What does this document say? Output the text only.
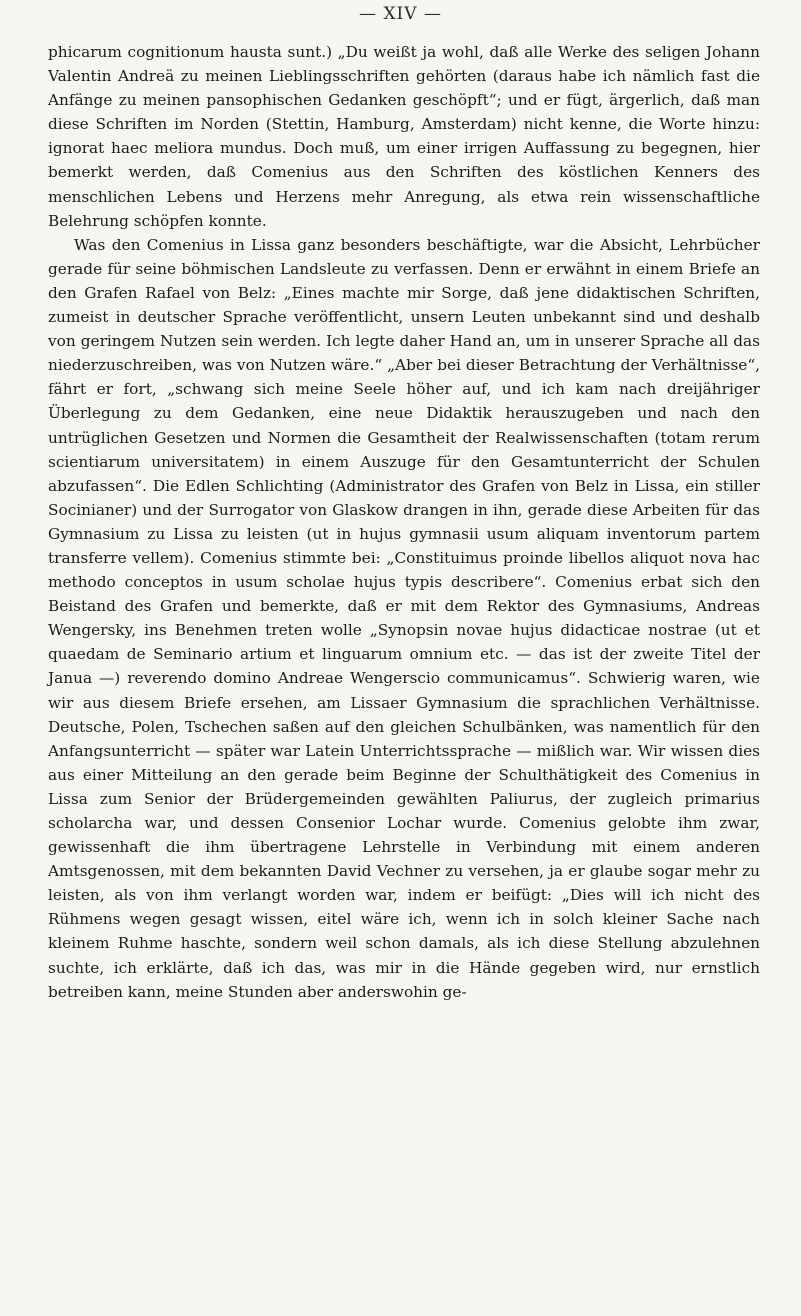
— XIV —

phicarum cognitionum hausta sunt.) „Du weißt ja wohl, daß alle Werke des seligen Johann Valentin Andreä zu meinen Lieblingsschriften gehörten (daraus habe ich nämlich fast die Anfänge zu meinen pansophischen Gedanken geschöpft“; und er fügt, ärgerlich, daß man diese Schriften im Norden (Stettin, Hamburg, Amsterdam) nicht kenne, die Worte hinzu: ignorat haec meliora mundus. Doch muß, um einer irrigen Auffassung zu begegnen, hier bemerkt werden, daß Comenius aus den Schriften des köstlichen Kenners des menschlichen Lebens und Herzens mehr Anregung, als etwa rein wissenschaftliche Belehrung schöpfen konnte.

Was den Comenius in Lissa ganz besonders beschäftigte, war die Absicht, Lehrbücher gerade für seine böhmischen Landsleute zu verfassen. Denn er erwähnt in einem Briefe an den Grafen Rafael von Belz: „Eines machte mir Sorge, daß jene didaktischen Schriften, zumeist in deutscher Sprache veröffentlicht, unsern Leuten unbekannt sind und deshalb von geringem Nutzen sein werden. Ich legte daher Hand an, um in unserer Sprache all das niederzuschreiben, was von Nutzen wäre.“ „Aber bei dieser Betrachtung der Verhältnisse“, fährt er fort, „schwang sich meine Seele höher auf, und ich kam nach dreijähriger Überlegung zu dem Gedanken, eine neue Didaktik herauszugeben und nach den untrüglichen Gesetzen und Normen die Gesamtheit der Realwissenschaften (totam rerum scientiarum universitatem) in einem Auszuge für den Gesamtunterricht der Schulen abzufassen“. Die Edlen Schlichting (Administrator des Grafen von Belz in Lissa, ein stiller Socinianer) und der Surrogator von Glaskow drangen in ihn, gerade diese Arbeiten für das Gymnasium zu Lissa zu leisten (ut in hujus gymnasii usum aliquam inventorum partem transferre vellem). Comenius stimmte bei: „Constituimus proinde libellos aliquot nova hac methodo conceptos in usum scholae hujus typis describere“. Comenius erbat sich den Beistand des Grafen und bemerkte, daß er mit dem Rektor des Gymnasiums, Andreas Wengersky, ins Benehmen treten wolle „Synopsin novae hujus didacticae nostrae (ut et quaedam de Seminario artium et linguarum omnium etc. — das ist der zweite Titel der Janua —) reverendo domino Andreae Wengerscio communicamus“. Schwierig waren, wie wir aus diesem Briefe ersehen, am Lissaer Gymnasium die sprachlichen Verhältnisse. Deutsche, Polen, Tschechen saßen auf den gleichen Schulbänken, was namentlich für den Anfangsunterricht — später war Latein Unterrichtssprache — mißlich war. Wir wissen dies aus einer Mitteilung an den gerade beim Beginne der Schulthätigkeit des Comenius in Lissa zum Senior der Brüdergemeinden gewählten Paliurus, der zugleich primarius scholarcha war, und dessen Consenior Lochar wurde. Comenius gelobte ihm zwar, gewissenhaft die ihm übertragene Lehrstelle in Verbindung mit einem anderen Amtsgenossen, mit dem bekannten David Vechner zu versehen, ja er glaube sogar mehr zu leisten, als von ihm verlangt worden war, indem er beifügt: „Dies will ich nicht des Rühmens wegen gesagt wissen, eitel wäre ich, wenn ich in solch kleiner Sache nach kleinem Ruhme haschte, sondern weil schon damals, als ich diese Stellung abzulehnen suchte, ich erklärte, daß ich das, was mir in die Hände gegeben wird, nur ernstlich betreiben kann, meine Stunden aber anderswohin ge-
